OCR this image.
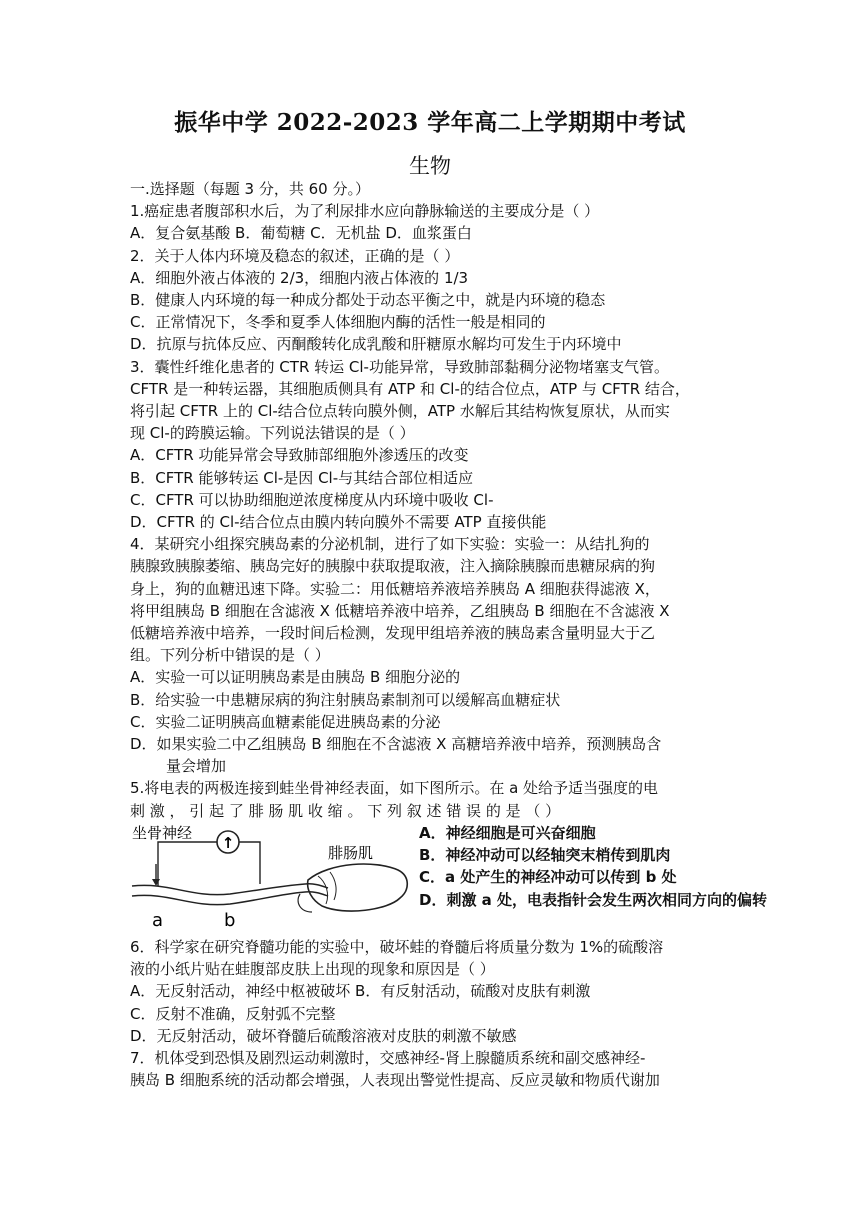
振华中学 2022-2023 学年高二上学期期中考试
生物

一.选择题（每题 3 分，共 60 分。）

1.癌症患者腹部积水后，为了利尿排水应向静脉输送的主要成分是（ ）

A．复合氨基酸 B．葡萄糖 C．无机盐 D．血浆蛋白

2．关于人体内环境及稳态的叙述，正确的是（ ）

A．细胞外液占体液的 2/3，细胞内液占体液的 1/3

B．健康人内环境的每一种成分都处于动态平衡之中，就是内环境的稳态

C．正常情况下，冬季和夏季人体细胞内酶的活性一般是相同的

D．抗原与抗体反应、丙酮酸转化成乳酸和肝糖原水解均可发生于内环境中

3．囊性纤维化患者的 CTR 转运 Cl-功能异常，导致肺部黏稠分泌物堵塞支气管。

CFTR 是一种转运器，其细胞质侧具有 ATP 和 Cl-的结合位点，ATP 与 CFTR 结合，

将引起 CFTR 上的 Cl-结合位点转向膜外侧，ATP 水解后其结构恢复原状，从而实

现 Cl-的跨膜运输。下列说法错误的是（ ）

A．CFTR 功能异常会导致肺部细胞外渗透压的改变

B．CFTR 能够转运 Cl-是因 Cl-与其结合部位相适应

C．CFTR 可以协助细胞逆浓度梯度从内环境中吸收 Cl-

D．CFTR 的 Cl-结合位点由膜内转向膜外不需要 ATP 直接供能

4．某研究小组探究胰岛素的分泌机制，进行了如下实验：实验一：从结扎狗的

胰腺致胰腺萎缩、胰岛完好的胰腺中获取提取液，注入摘除胰腺而患糖尿病的狗

身上，狗的血糖迅速下降。实验二：用低糖培养液培养胰岛 A 细胞获得滤液 X，

将甲组胰岛 B 细胞在含滤液 X 低糖培养液中培养，乙组胰岛 B 细胞在不含滤液 X

低糖培养液中培养，一段时间后检测，发现甲组培养液的胰岛素含量明显大于乙

组。下列分析中错误的是（ ）

A．实验一可以证明胰岛素是由胰岛 B 细胞分泌的

B．给实验一中患糖尿病的狗注射胰岛素制剂可以缓解高血糖症状

C．实验二证明胰高血糖素能促进胰岛素的分泌

D．如果实验二中乙组胰岛 B 细胞在不含滤液 X 高糖培养液中培养，预测胰岛含

量会增加

5.将电表的两极连接到蛙坐骨神经表面，如下图所示。在 a 处给予适当强度的电

刺 激 ， 引 起 了 腓 肠 肌 收 缩 。 下 列 叙 述 错 误 的 是 （ ）

↑
坐骨神经
腓肠肌
a	b

A．神经细胞是可兴奋细胞

B．神经冲动可以经轴突末梢传到肌肉

C．a 处产生的神经冲动可以传到 b 处

D．刺激 a 处，电表指针会发生两次相同方向的偏转

6．科学家在研究脊髓功能的实验中，破坏蛙的脊髓后将质量分数为 1%的硫酸溶

液的小纸片贴在蛙腹部皮肤上出现的现象和原因是（ ）

A．无反射活动，神经中枢被破坏 B．有反射活动，硫酸对皮肤有刺激

C．反射不准确，反射弧不完整

D．无反射活动，破坏脊髓后硫酸溶液对皮肤的刺激不敏感

7．机体受到恐惧及剧烈运动刺激时，交感神经-肾上腺髓质系统和副交感神经-

胰岛 B 细胞系统的活动都会增强，人表现出警觉性提高、反应灵敏和物质代谢加
